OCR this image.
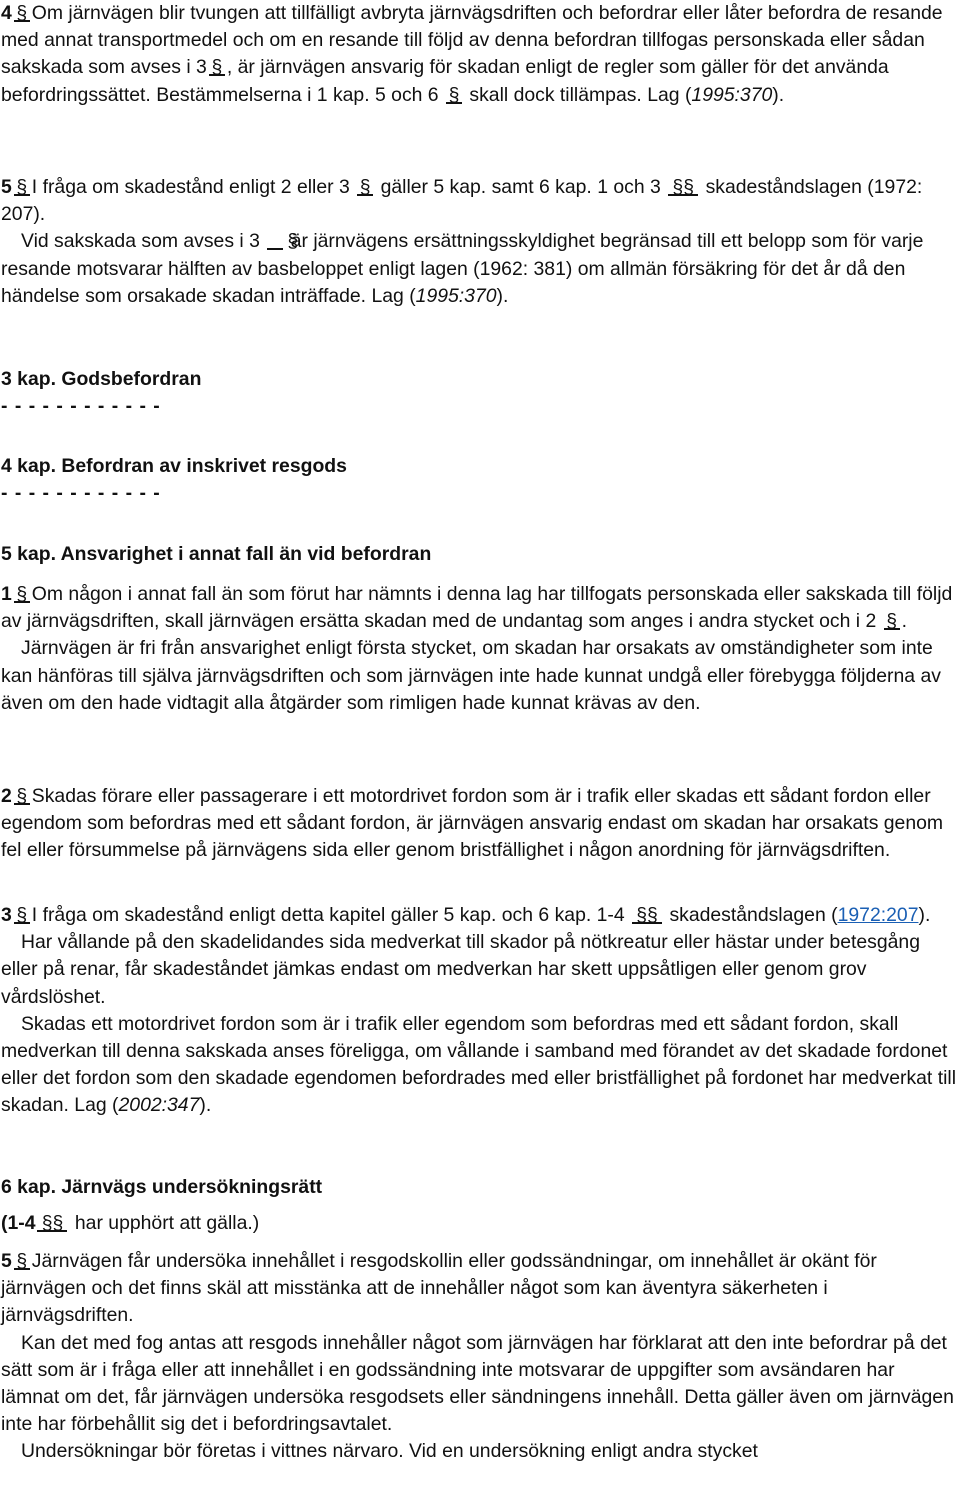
4 Om järnvägen blir tvungen att tillfälligt avbryta järnvägsdriften och befordrar eller låter befordra de resande med annat transportmedel och om en resande till följd av denna befordran tillfogas personskada eller sådan sakskada som avses i 3 , är järnvägen ansvarig för skadan enligt de regler som gäller för det använda befordringssättet. Bestämmelserna i 1 kap. 5 och 6 skall dock tillämpas. Lag (1995:370).

5 I fråga om skadestånd enligt 2 eller 3 gäller 5 kap. samt 6 kap. 1 och 3 skadeståndslagen (1972: 207).

Vid sakskada som avses i 3 är järnvägens ersättningsskyldighet begränsad till ett belopp som för varje resande motsvarar hälften av basbeloppet enligt lagen (1962: 381) om allmän försäkring för det år då den händelse som orsakade skadan inträffade. Lag (1995:370).

3 kap. Godsbefordran

- - - - - - - - - - - -

4 kap. Befordran av inskrivet resgods

- - - - - - - - - - - -

5 kap. Ansvarighet i annat fall än vid befordran

1 Om någon i annat fall än som förut har nämnts i denna lag har tillfogats personskada eller sakskada till följd av järnvägsdriften, skall järnvägen ersätta skadan med de undantag som anges i andra stycket och i 2 .

Järnvägen är fri från ansvarighet enligt första stycket, om skadan har orsakats av omständigheter som inte kan hänföras till själva järnvägsdriften och som järnvägen inte hade kunnat undgå eller förebygga följderna av även om den hade vidtagit alla åtgärder som rimligen hade kunnat krävas av den.

2 Skadas förare eller passagerare i ett motordrivet fordon som är i trafik eller skadas ett sådant fordon eller egendom som befordras med ett sådant fordon, är järnvägen ansvarig endast om skadan har orsakats genom fel eller försummelse på järnvägens sida eller genom bristfällighet i någon anordning för järnvägsdriften.

3 I fråga om skadestånd enligt detta kapitel gäller 5 kap. och 6 kap. 1-4 skadeståndslagen (1972:207).

Har vållande på den skadelidandes sida medverkat till skador på nötkreatur eller hästar under betesgång eller på renar, får skadeståndet jämkas endast om medverkan har skett uppsåtligen eller genom grov vårdslöshet.

Skadas ett motordrivet fordon som är i trafik eller egendom som befordras med ett sådant fordon, skall medverkan till denna sakskada anses föreligga, om vållande i samband med förandet av det skadade fordonet eller det fordon som den skadade egendomen befordrades med eller bristfällighet på fordonet har medverkat till skadan. Lag (2002:347).

6 kap. Järnvägs undersökningsrätt

(1-4 har upphört att gälla.)

5 Järnvägen får undersöka innehållet i resgodskollin eller godssändningar, om innehållet är okänt för järnvägen och det finns skäl att misstänka att de innehåller något som kan äventyra säkerheten i järnvägsdriften.

Kan det med fog antas att resgods innehåller något som järnvägen har förklarat att den inte befordrar på det sätt som är i fråga eller att innehållet i en godssändning inte motsvarar de uppgifter som avsändaren har lämnat om det, får järnvägen undersöka resgodsets eller sändningens innehåll. Detta gäller även om järnvägen inte har förbehållit sig det i befordringsavtalet.

Undersökningar bör företas i vittnes närvaro. Vid en undersökning enligt andra stycket
